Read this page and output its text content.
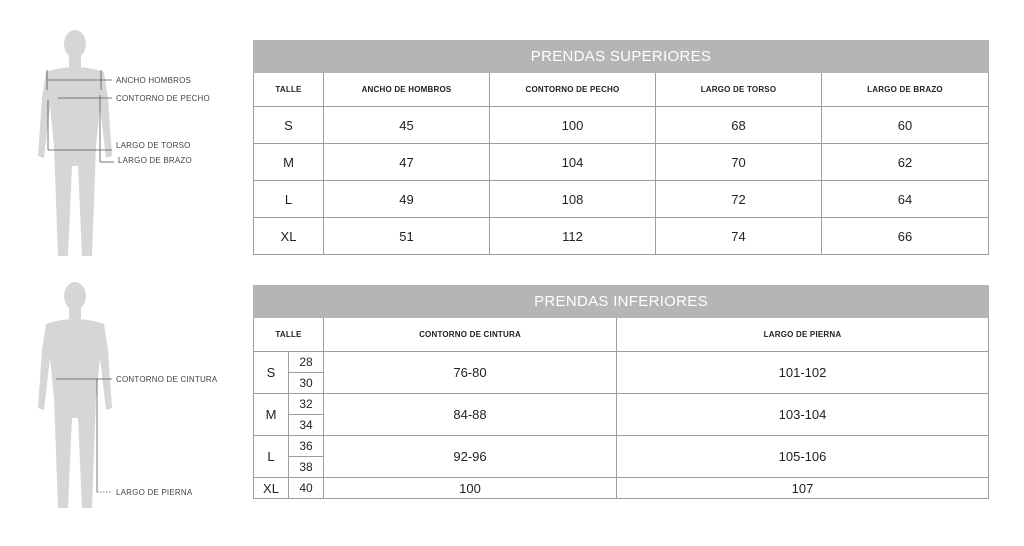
ANCHO HOMBROS
CONTORNO DE PECHO
LARGO DE TORSO
LARGO DE BRAZO
CONTORNO DE CINTURA
LARGO DE PIERNA
PRENDAS SUPERIORES				
TALLE	ANCHO DE HOMBROS	CONTORNO DE PECHO	LARGO DE TORSO	LARGO DE BRAZO
S	45	100	68	60
M	47	104	70	62
L	49	108	72	64
XL	51	112	74	66
PRENDAS INFERIORES			
TALLE		CONTORNO DE CINTURA	LARGO DE PIERNA
S	28	76-80	101-102
	30		
M	32	84-88	103-104
	34		
L	36	92-96	105-106
	38		
XL	40	100	107
